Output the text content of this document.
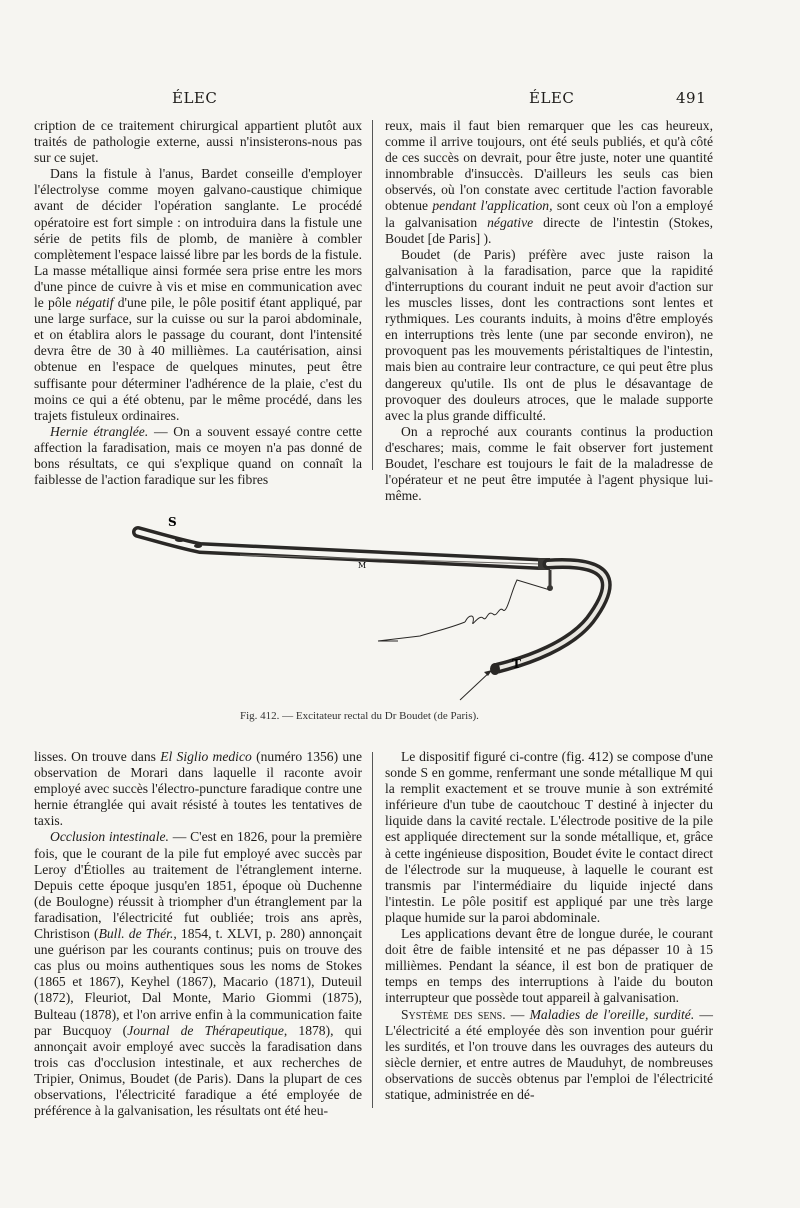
ÉLEC	ÉLEC	491

cription de ce traitement chirurgical appartient plutôt aux traités de pathologie externe, aussi n'insisterons-nous pas sur ce sujet.

Dans la fistule à l'anus, Bardet conseille d'employer l'électrolyse comme moyen galvano-caustique chimique avant de décider l'opération sanglante. Le procédé opératoire est fort simple : on introduira dans la fistule une série de petits fils de plomb, de manière à combler complètement l'espace laissé libre par les bords de la fistule. La masse métallique ainsi formée sera prise entre les mors d'une pince de cuivre à vis et mise en communication avec le pôle négatif d'une pile, le pôle positif étant appliqué, par une large surface, sur la cuisse ou sur la paroi abdominale, et on établira alors le passage du courant, dont l'intensité devra être de 30 à 40 millièmes. La cautérisation, ainsi obtenue en l'espace de quelques minutes, peut être suffisante pour déterminer l'adhérence de la plaie, c'est du moins ce qui a été obtenu, par le même procédé, dans les trajets fistuleux ordinaires.

Hernie étranglée. — On a souvent essayé contre cette affection la faradisation, mais ce moyen n'a pas donné de bons résultats, ce qui s'explique quand on connaît la faiblesse de l'action faradique sur les fibres

reux, mais il faut bien remarquer que les cas heureux, comme il arrive toujours, ont été seuls publiés, et qu'à côté de ces succès on devrait, pour être juste, noter une quantité innombrable d'insuccès. D'ailleurs les seuls cas bien observés, où l'on constate avec certitude l'action favorable obtenue pendant l'application, sont ceux où l'on a employé la galvanisation négative directe de l'intestin (Stokes, Boudet [de Paris] ).

Boudet (de Paris) préfère avec juste raison la galvanisation à la faradisation, parce que la rapidité d'interruptions du courant induit ne peut avoir d'action sur les muscles lisses, dont les contractions sont lentes et rythmiques. Les courants induits, à moins d'être employés en interruptions très lente (une par seconde environ), ne provoquent pas les mouvements péristaltiques de l'intestin, mais bien au contraire leur contracture, ce qui peut être plus dangereux qu'utile. Ils ont de plus le désavantage de provoquer des douleurs atroces, que le malade supporte avec la plus grande difficulté.

On a reproché aux courants continus la production d'eschares; mais, comme le fait observer fort justement Boudet, l'eschare est toujours le fait de la maladresse de l'opérateur et ne peut être imputée à l'agent physique lui-même.

S
M
T
Fig. 412. — Excitateur rectal du Dr Boudet (de Paris).

lisses. On trouve dans El Siglio medico (numéro 1356) une observation de Morari dans laquelle il raconte avoir employé avec succès l'électro-puncture faradique contre une hernie étranglée qui avait résisté à toutes les tentatives de taxis.

Occlusion intestinale. — C'est en 1826, pour la première fois, que le courant de la pile fut employé avec succès par Leroy d'Étiolles au traitement de l'étranglement interne. Depuis cette époque jusqu'en 1851, époque où Duchenne (de Boulogne) réussit à triompher d'un étranglement par la faradisation, l'électricité fut oubliée; trois ans après, Christison (Bull. de Thér., 1854, t. XLVI, p. 280) annonçait une guérison par les courants continus; puis on trouve des cas plus ou moins authentiques sous les noms de Stokes (1865 et 1867), Keyhel (1867), Macario (1871), Duteuil (1872), Fleuriot, Dal Monte, Mario Giommi (1875), Bulteau (1878), et l'on arrive enfin à la communication faite par Bucquoy (Journal de Thérapeutique, 1878), qui annonçait avoir employé avec succès la faradisation dans trois cas d'occlusion intestinale, et aux recherches de Tripier, Onimus, Boudet (de Paris). Dans la plupart de ces observations, l'électricité faradique a été employée de préférence à la galvanisation, les résultats ont été heu-

Le dispositif figuré ci-contre (fig. 412) se compose d'une sonde S en gomme, renfermant une sonde métallique M qui la remplit exactement et se trouve munie à son extrémité inférieure d'un tube de caoutchouc T destiné à injecter du liquide dans la cavité rectale. L'électrode positive de la pile est appliquée directement sur la sonde métallique, et, grâce à cette ingénieuse disposition, Boudet évite le contact direct de l'électrode sur la muqueuse, à laquelle le courant est transmis par l'intermédiaire du liquide injecté dans l'intestin. Le pôle positif est appliqué par une très large plaque humide sur la paroi abdominale.

Les applications devant être de longue durée, le courant doit être de faible intensité et ne pas dépasser 10 à 15 millièmes. Pendant la séance, il est bon de pratiquer de temps en temps des interruptions à l'aide du bouton interrupteur que possède tout appareil à galvanisation.

Système des sens. — Maladies de l'oreille, surdité. — L'électricité a été employée dès son invention pour guérir les surdités, et l'on trouve dans les ouvrages des auteurs du siècle dernier, et entre autres de Mauduhyt, de nombreuses observations de succès obtenus par l'emploi de l'électricité statique, administrée en dé-
